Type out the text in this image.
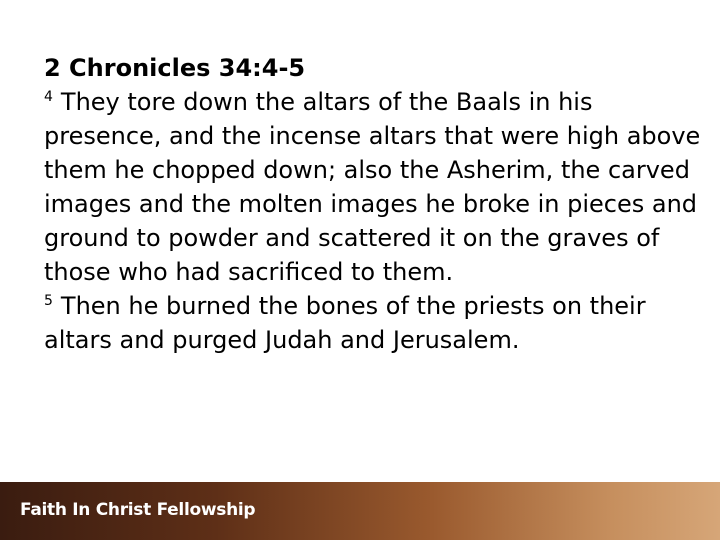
2 Chronicles 34:4-5
$^4$ They tore down the altars of the Baals in his presence, and the incense altars that were high above them he chopped down; also the Asherim, the carved images and the molten images he broke in pieces and ground to powder and scattered it on the graves of those who had sacrificed to them.
$^5$ Then he burned the bones of the priests on their altars and purged Judah and Jerusalem.
Faith In Christ Fellowship
